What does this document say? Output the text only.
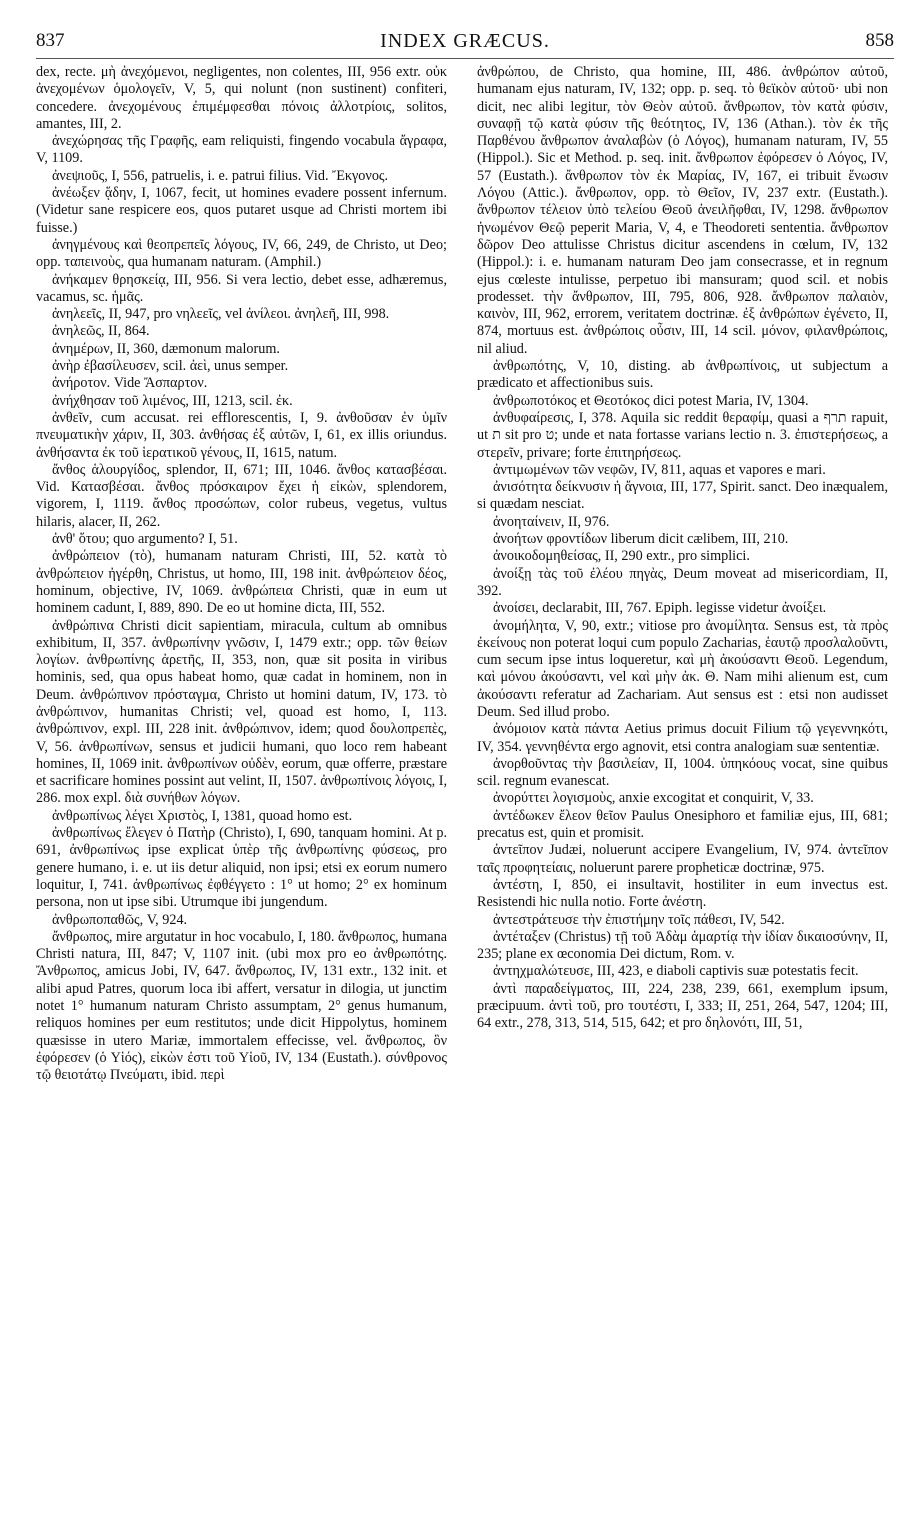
837	INDEX GRÆCUS.	858

dex, recte. μὴ ἀνεχόμενοι, negligentes, non colentes, III, 956 extr. οὐκ ἀνεχομένων ὁμολογεῖν, V, 5, qui nolunt (non sustinent) confiteri, concedere. ἀνεχομένους ἐπιμέμφεσθαι πόνοις ἀλλοτρίοις, solitos, amantes, III, 2.

ἀνεχώρησας τῆς Γραφῆς, eam reliquisti, fingendo vocabula ἄγραφα, V, 1109.

ἀνεψιοῦς, I, 556, patruelis, i. e. patrui filius. Vid. Ἔκγονος.

ἀνέωξεν ᾅδην, I, 1067, fecit, ut homines evadere possent infernum. (Videtur sane respicere eos, quos putaret usque ad Christi mortem ibi fuisse.)

ἀνηγμένους καὶ θεοπρεπεῖς λόγους, IV, 66, 249, de Christo, ut Deo; opp. ταπεινοὺς, qua humanam naturam. (Amphil.)

ἀνήκαμεν θρησκείᾳ, III, 956. Si vera lectio, debet esse, adhæremus, vacamus, sc. ἡμᾶς.

ἀνηλεεῖς, II, 947, pro νηλεεῖς, vel ἀνίλεοι. ἀνηλεῆ, III, 998.

ἀνηλεῶς, II, 864.

ἀνημέρων, II, 360, dæmonum malorum.

ἀνὴρ ἐβασίλευσεν, scil. ἀεὶ, unus semper.

ἀνήροτον. Vide Ἄσπαρτον.

ἀνήχθησαν τοῦ λιμένος, III, 1213, scil. ἐκ.

ἀνθεῖν, cum accusat. rei efflorescentis, I, 9. ἀνθοῦσαν ἐν ὑμῖν πνευματικὴν χάριν, II, 303. ἀνθήσας ἐξ αὐτῶν, I, 61, ex illis oriundus. ἀνθήσαντα ἐκ τοῦ ἱερατικοῦ γένους, II, 1615, natum.

ἄνθος ἁλουργίδος, splendor, II, 671; III, 1046. ἄνθος κατασβέσαι. Vid. Κατασβέσαι. ἄνθος πρόσκαιρον ἔχει ἡ εἰκὼν, splendorem, vigorem, I, 1119. ἄνθος προσώπων, color rubeus, vegetus, vultus hilaris, alacer, II, 262.

ἀνθ' ὅτου; quo argumento? I, 51.

ἀνθρώπειον (τὸ), humanam naturam Christi, III, 52. κατὰ τὸ ἀνθρώπειον ἠγέρθη, Christus, ut homo, III, 198 init. ἀνθρώπειον δέος, hominum, objective, IV, 1069. ἀνθρώπεια Christi, quæ in eum ut hominem cadunt, I, 889, 890. De eo ut homine dicta, III, 552.

ἀνθρώπινα Christi dicit sapientiam, miracula, cultum ab omnibus exhibitum, II, 357. ἀνθρωπίνην γνῶσιν, I, 1479 extr.; opp. τῶν θείων λογίων. ἀνθρωπίνης ἀρετῆς, II, 353, non, quæ sit posita in viribus hominis, sed, qua opus habeat homo, quæ cadat in hominem, non in Deum. ἀνθρώπινον πρόσταγμα, Christo ut homini datum, IV, 173. τὸ ἀνθρώπινον, humanitas Christi; vel, quoad est homo, I, 113. ἀνθρώπινον, expl. III, 228 init. ἀνθρώπινον, idem; quod δουλοπρεπὲς, V, 56. ἀνθρωπίνων, sensus et judicii humani, quo loco rem habeant homines, II, 1069 init. ἀνθρωπίνων οὐδὲν, eorum, quæ offerre, præstare et sacrificare homines possint aut velint, II, 1507. ἀνθρωπίνοις λόγοις, I, 286. mox expl. διὰ συνήθων λόγων.

ἀνθρωπίνως λέγει Χριστὸς, I, 1381, quoad homo est.

ἀνθρωπίνως ἔλεγεν ὁ Πατὴρ (Christo), I, 690, tanquam homini. At p. 691, ἀνθρωπίνως ipse explicat ὑπὲρ τῆς ἀνθρωπίνης φύσεως, pro genere humano, i. e. ut iis detur aliquid, non ipsi; etsi ex eorum numero loquitur, I, 741. ἀνθρωπίνως ἐφθέγγετο : 1° ut homo; 2° ex hominum persona, non ut ipse sibi. Utrumque ibi jungendum.

ἀνθρωποπαθῶς, V, 924.

ἄνθρωπος, mire argutatur in hoc vocabulo, I, 180. ἄνθρωπος, humana Christi natura, III, 847; V, 1107 init. (ubi mox pro eo ἀνθρωπότης. Ἄνθρωπος, amicus Jobi, IV, 647. ἄνθρωπος, IV, 131 extr., 132 init. et alibi apud Patres, quorum loca ibi affert, versatur in dilogia, ut junctim notet 1° humanum naturam Christo assumptam, 2° genus humanum, reliquos homines per eum restitutos; unde dicit Hippolytus, hominem quæsisse in utero Mariæ, immortalem effecisse, vel. ἄνθρωπος, ὃν ἐφόρεσεν (ὁ Υἱός), εἰκὼν ἐστι τοῦ Υἱοῦ, IV, 134 (Eustath.). σύνθρονος τῷ θειοτάτῳ Πνεύματι, ibid. περὶ

ἀνθρώπου, de Christo, qua homine, III, 486. ἀνθρώπον αὐτοῦ, humanam ejus naturam, IV, 132; opp. p. seq. τὸ θεϊκὸν αὐτοῦ· ubi non dicit, nec alibi legitur, τὸν Θεὸν αὐτοῦ. ἄνθρωπον, τὸν κατὰ φύσιν, συναφῇ τῷ κατὰ φύσιν τῆς θεότητος, IV, 136 (Athan.). τὸν ἐκ τῆς Παρθένου ἄνθρωπον ἀναλαβὼν (ὁ Λόγος), humanam naturam, IV, 55 (Hippol.). Sic et Method. p. seq. init. ἄνθρωπον ἐφόρεσεν ὁ Λόγος, IV, 57 (Eustath.). ἄνθρωπον τὸν ἐκ Μαρίας, IV, 167, ei tribuit ἕνωσιν Λόγου (Attic.). ἄνθρωπον, opp. τὸ Θεῖον, IV, 237 extr. (Eustath.). ἄνθρωπον τέλειον ὑπὸ τελείου Θεοῦ ἀνειλῆφθαι, IV, 1298. ἄνθρωπον ἡνωμένον Θεῷ peperit Maria, V, 4, e Theodoreti sententia. ἄνθρωπον δῶρον Deo attulisse Christus dicitur ascendens in cœlum, IV, 132 (Hippol.): i. e. humanam naturam Deo jam consecrasse, et in regnum ejus cœleste intulisse, perpetuo ibi mansuram; quod scil. et nobis prodesset. τὴν ἄνθρωπον, III, 795, 806, 928. ἄνθρωπον παλαιὸν, καινὸν, III, 962, errorem, veritatem doctrinæ. ἐξ ἀνθρώπων ἐγένετο, II, 874, mortuus est. ἀνθρώποις οὖσιν, III, 14 scil. μόνον, φιλανθρώποις, nil aliud.

ἀνθρωπότης, V, 10, disting. ab ἀνθρωπίνοις, ut subjectum a prædicato et affectionibus suis.

ἀνθρωποτόκος et Θεοτόκος dici potest Maria, IV, 1304.

ἀνθυφαίρεσις, I, 378. Aquila sic reddit θεραφίμ, quasi a תרף rapuit, ut ת sit pro ט; unde et nata fortasse varians lectio n. 3. ἐπιστερήσεως, a στερεῖν, privare; forte ἐπιτηρήσεως.

ἀντιμωμένων τῶν νεφῶν, IV, 811, aquas et vapores e mari.

ἀνισότητα δείκνυσιν ἡ ἄγνοια, III, 177, Spirit. sanct. Deo inæqualem, si quædam nesciat.

ἀνοηταίνειν, II, 976.

ἀνοήτων φροντίδων liberum dicit cælibem, III, 210.

ἀνοικοδομηθείσας, II, 290 extr., pro simplici.

ἀνοίξῃ τὰς τοῦ ἐλέου πηγὰς, Deum moveat ad misericordiam, II, 392.

ἀνοίσει, declarabit, III, 767. Epiph. legisse videtur ἀνοίξει.

ἀνομήλητα, V, 90, extr.; vitiose pro ἀνομίλητα. Sensus est, τὰ πρὸς ἐκείνους non poterat loqui cum populo Zacharias, ἑαυτῷ προσλαλοῦντι, cum secum ipse intus loqueretur, καὶ μὴ ἀκούσαντι Θεοῦ. Legendum, καὶ μόνου ἀκούσαντι, vel καὶ μὴν ἀκ. Θ. Nam mihi alienum est, cum ἀκούσαντι referatur ad Zachariam. Aut sensus est : etsi non audisset Deum. Sed illud probo.

ἀνόμοιον κατὰ πάντα Aetius primus docuit Filium τῷ γεγεννηκότι, IV, 354. γεννηθέντα ergo agnovit, etsi contra analogiam suæ sententiæ.

ἀνορθοῦντας τὴν βασιλείαν, II, 1004. ὑπηκόους vocat, sine quibus scil. regnum evanescat.

ἀνορύττει λογισμοὺς, anxie excogitat et conquirit, V, 33.

ἀντέδωκεν ἔλεον θεῖον Paulus Onesiphoro et familiæ ejus, III, 681; precatus est, quin et promisit.

ἀντεῖπον Judæi, noluerunt accipere Evangelium, IV, 974. ἀντεῖπον ταῖς προφητείαις, noluerunt parere propheticæ doctrinæ, 975.

ἀντέστη, I, 850, ei insultavit, hostiliter in eum invectus est. Resistendi hic nulla notio. Forte ἀνέστη.

ἀντεστράτευσε τὴν ἐπιστήμην τοῖς πάθεσι, IV, 542.

ἀντέταξεν (Christus) τῇ τοῦ Ἀδὰμ ἁμαρτίᾳ τὴν ἰδίαν δικαιοσύνην, II, 235; plane ex œconomia Dei dictum, Rom. v.

ἀντηχμαλώτευσε, III, 423, e diaboli captivis suæ potestatis fecit.

ἀντὶ παραδείγματος, III, 224, 238, 239, 661, exemplum ipsum, præcipuum. ἀντὶ τοῦ, pro τουτέστι, I, 333; II, 251, 264, 547, 1204; III, 64 extr., 278, 313, 514, 515, 642; et pro δηλονότι, III, 51,
